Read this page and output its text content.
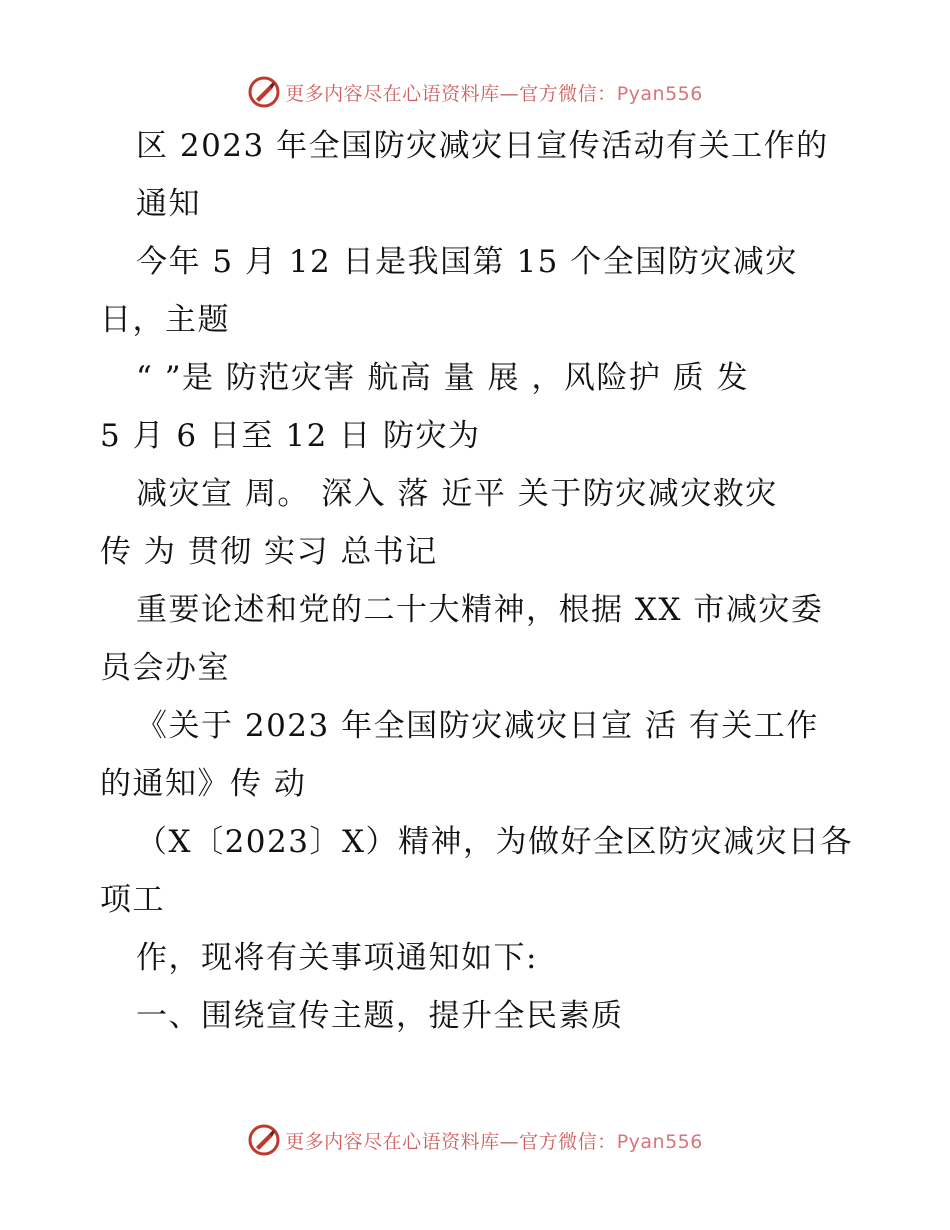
更多内容尽在心语资料库—官方微信：Pyan556
区 2023 年全国防灾减灾日宣传活动有关工作的
通知
今年 5 月 12 日是我国第 15 个全国防灾减灾
日，主题
“ ”是 防范灾害 航高 量 展 ，风险护 质 发
5 月 6 日至 12 日 防灾为
减灾宣 周。 深入 落 近平 关于防灾减灾救灾
传 为 贯彻 实习 总书记
重要论述和党的二十大精神，根据 XX 市减灾委
员会办室
《关于 2023 年全国防灾减灾日宣 活 有关工作
的通知》传 动
（X〔2023〕X）精神，为做好全区防灾减灾日各
项工
作，现将有关事项通知如下:
一、围绕宣传主题，提升全民素质
更多内容尽在心语资料库—官方微信：Pyan556
